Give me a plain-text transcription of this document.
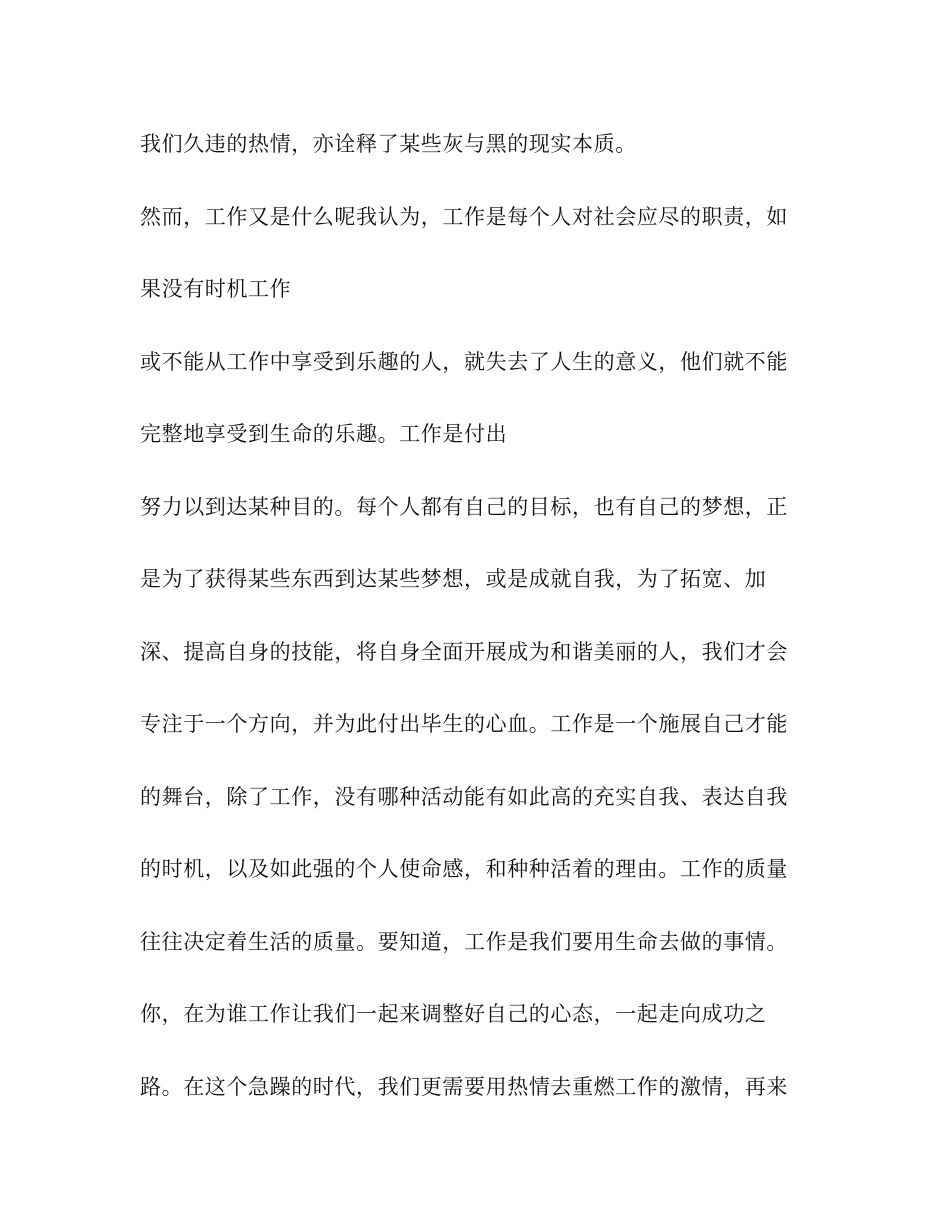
我们久违的热情，亦诠释了某些灰与黑的现实本质。
然而，工作又是什么呢我认为，工作是每个人对社会应尽的职责，如
果没有时机工作
或不能从工作中享受到乐趣的人，就失去了人生的意义，他们就不能
完整地享受到生命的乐趣。工作是付出
努力以到达某种目的。每个人都有自己的目标，也有自己的梦想，正
是为了获得某些东西到达某些梦想，或是成就自我，为了拓宽、加
深、提高自身的技能，将自身全面开展成为和谐美丽的人，我们才会
专注于一个方向，并为此付出毕生的心血。工作是一个施展自己才能
的舞台，除了工作，没有哪种活动能有如此高的充实自我、表达自我
的时机，以及如此强的个人使命感，和种种活着的理由。工作的质量
往往决定着生活的质量。要知道，工作是我们要用生命去做的事情。
你，在为谁工作让我们一起来调整好自己的心态，一起走向成功之
路。在这个急躁的时代，我们更需要用热情去重燃工作的激情，再来
